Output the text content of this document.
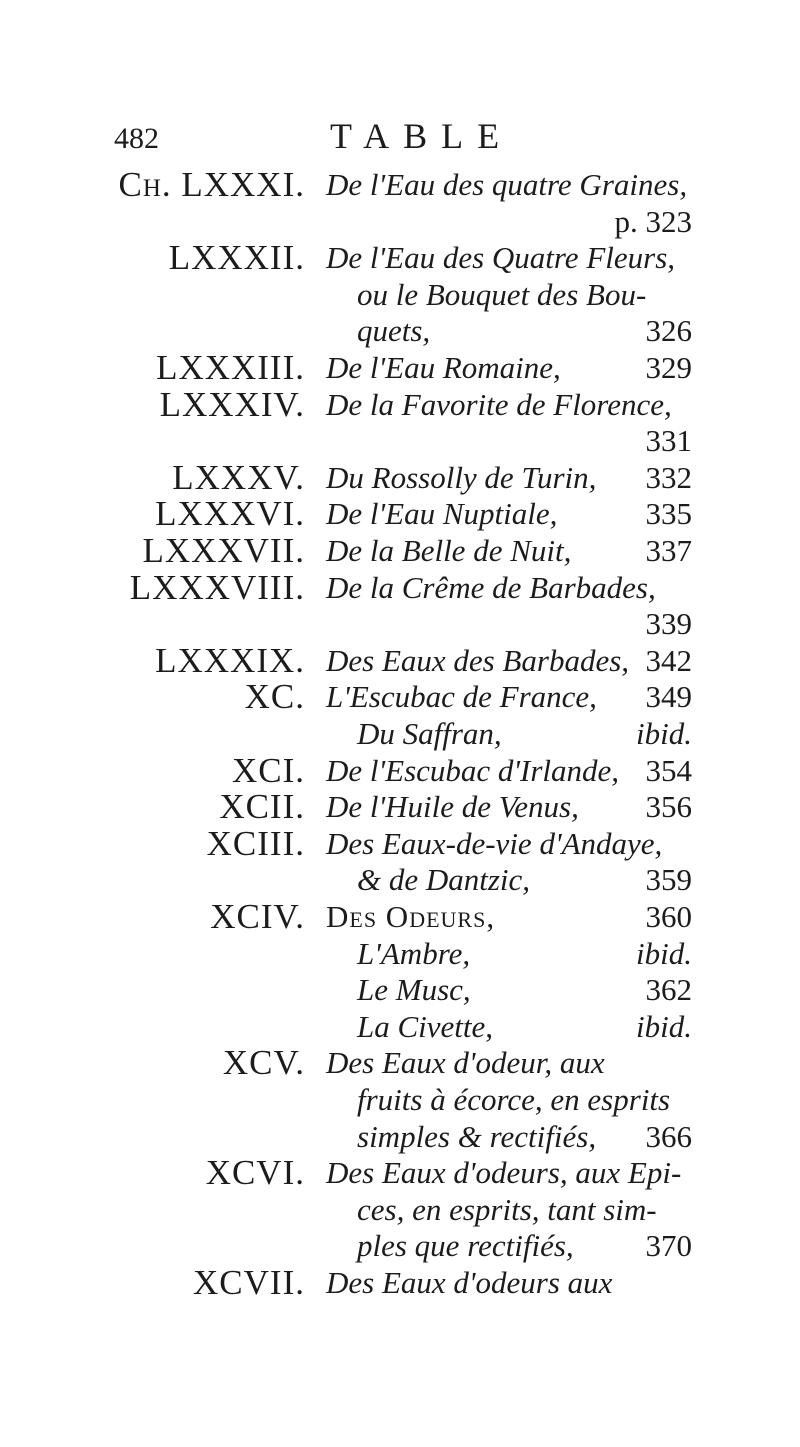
482	TABLE
Ch. LXXXI. De l'Eau des quatre Graines,
p. 323
LXXXII. De l'Eau des Quatre Fleurs,
ou le Bouquet des Bou-
quets,	326
LXXXIII. De l'Eau Romaine,	329
LXXXIV. De la Favorite de Florence,
331
LXXXV. Du Rossolly de Turin, 332
LXXXVI. De l'Eau Nuptiale,	335
LXXXVII. De la Belle de Nuit, 337
LXXXVIII. De la Crême de Barbades,
339
LXXXIX. Des Eaux des Barbades, 342
XC. L'Escubac de France, 349
Du Saffran,	ibid.
XCI. De l'Escubac d'Irlande, 354
XCII. De l'Huile de Venus, 356
XCIII. Des Eaux-de-vie d'Andaye,
& de Dantzic,	359
XCIV. Des Odeurs,	360
L'Ambre,	ibid.
Le Musc,	362
La Civette,	ibid.
XCV. Des Eaux d'odeur, aux
fruits à écorce, en esprits
simples & rectifiés, 366
XCVI. Des Eaux d'odeurs, aux Epi-
ces, en esprits, tant sim-
ples que rectifiés, 370
XCVII. Des Eaux d'odeurs aux
